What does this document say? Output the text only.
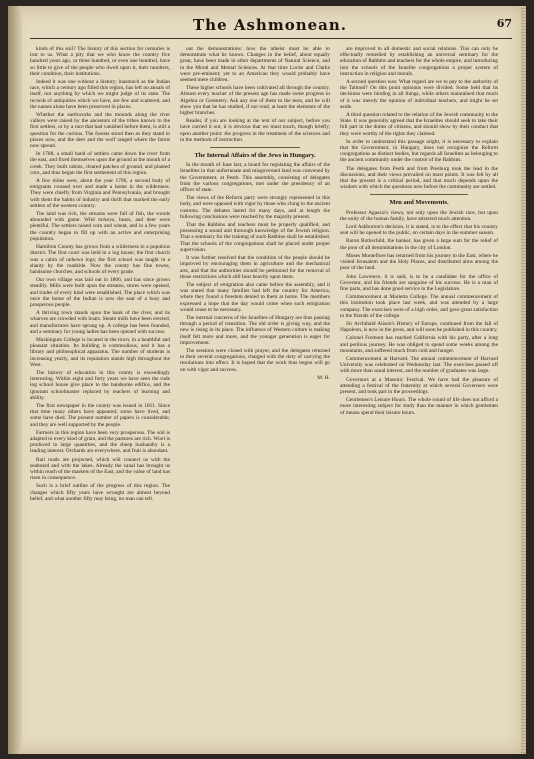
The Ashmonean.	67

kinds of this soil? The history of this section for centuries is lost to us. What a pity that we who know the country five hundred years ago, or three hundred, or even one hundred, have so little to give of the people who dwelt upon it, their numbers, their condition, their institutions.

Indeed it was one without a history; inasmuch as the Indian race, which a century ago filled this region, has left no annals of itself, nor anything by which we might judge of its state. The records of antiquities which we have, are few and scattered, and the names alone have been preserved in places.

Whether the earthworks and the mounds along the river valleys were raised by the ancestors of the tribes known to the first settlers, or by a race that had vanished before them, is still a question for the curious. The forests stood then as they stand in places now, and the deer and the wolf ranged where the farms now spread.

In 1788, a small band of settlers came down the river from the east, and fixed themselves upon the ground at the mouth of a creek. They built cabins, cleared patches of ground, and planted corn, and thus began the first settlement of this region.

A few miles west, about the year 1796, a second body of emigrants crossed over and made a home in the wilderness. They were chiefly from Virginia and Pennsylvania, and brought with them the habits of industry and thrift that marked the early settlers of the western country.

The land was rich, the streams were full of fish, the woods abounded with game. Wild turkeys, bears, and deer were plentiful. The settlers raised corn and wheat, and in a few years the country began to fill up with an active and enterprising population.

Hamilton County has grown from a wilderness to a populous district. The first court was held in a log house; the first church was a cabin of unhewn logs; the first school was taught in a shanty by the roadside. Now the county has fine towns, handsome churches, and schools of every grade.

Our own village was laid out in 1806, and has since grown steadily. Mills were built upon the streams, stores were opened, and trades of every kind were established. The place which was once the home of the Indian is now the seat of a busy and prosperous people.

A thriving town stands upon the bank of the river, and its wharves are crowded with boats. Steam mills have been erected, and manufactures have sprung up. A college has been founded, and a seminary for young ladies has been opened with success.

Muskingum College is located in the town, in a healthful and pleasant situation. Its building is commodious, and it has a library and philosophical apparatus. The number of students is increasing yearly, and its reputation stands high throughout the West.

The history of education in this county is exceedingly interesting. Within eight and forty years we have seen the rude log school house give place to the handsome edifice, and the ignorant schoolmaster replaced by teachers of learning and ability.

The first newspaper in the county was issued in 1811. Since that time many others have appeared; some have lived, and some have died. The present number of papers is considerable, and they are well supported by the people.

Farmers in this region have been very prosperous. The soil is adapted to every kind of grain, and the pastures are rich. Wool is produced in large quantities, and the sheep husbandry is a leading interest. Orchards are everywhere, and fruit is abundant.

Rail roads are projected, which will connect us with the seaboard and with the lakes. Already the canal has brought us within reach of the markets of the East, and the value of land has risen in consequence.

Such is a brief outline of the progress of this region. The changes which fifty years have wrought are almost beyond belief, and what another fifty may bring, no man can tell.

out the demonstrations: how the atheist must be able to demonstrate what he knows. Changes in the belief, about equally great, have been made in other departments of Natural Science, and in the Moral and Mental Sciences. At that time Locke and Clarke were pre-eminent; yet to an American they would probably have seemed mere children.

These higher schools have been cultivated all through the country. Almost every teacher of the present age has made some progress in Algebra or Geometry. Ask any one of them to the tests, and he will show you that he has studied, if not read, at least the elements of the higher branches.

Reader, if you are looking at the text of our subject, before you have carried it out, it is obvious that we must touch, though briefly, upon another point: the progress in the treatment of the sciences and in the methods of instruction.

The Internal Affairs of the Jews in Hungary.

In the month of June last, a board for regulating the affairs of the Israelites in that unfortunate and misgoverned land was convened by the Government, at Pesth. This assembly, consisting of delegates from the various congregations, met under the presidency of an officer of state.

The views of the Reform party were strongly represented in this body, and were opposed with vigor by those who clung to the ancient customs. The debates lasted for many days, and at length the following conclusions were reached by the majority present.

That the Rabbins and teachers must be properly qualified, and possessing a sound and thorough knowledge of the Jewish religion. That a seminary for the training of such Rabbins shall be established. That the schools of the congregations shall be placed under proper supervision.

It was further resolved that the condition of the people should be improved by encouraging them in agriculture and the mechanical arts, and that the authorities should be petitioned for the removal of those restrictions which still bear heavily upon them.

The subject of emigration also came before the assembly, and it was stated that many families had left the country for America, where they found a freedom denied to them at home. The members expressed a hope that the day would come when such emigration would cease to be necessary.

The internal concerns of the Israelites of Hungary are thus passing through a period of transition. The old order is giving way, and the new is rising in its place. The influence of Western culture is making itself felt more and more, and the younger generation is eager for improvement.

The sessions were closed with prayer, and the delegates returned to their several congregations, charged with the duty of carrying the resolutions into effect. It is hoped that the work thus begun will go on with vigor and success.

M. H.

are improved to all domestic and social relations. This can only be effectually remedied by establishing an universal seminary for the education of Rabbins and teachers for the whole empire, and introducing into the schools of the Israelite congregations a proper system of instruction in religion and morals.

A second question was: What regard are we to pay to the authority of the Talmud? On this point opinions were divided. Some held that its decisions were binding in all things, while others maintained that much of it was merely the opinion of individual teachers, and might be set aside.

A third question related to the relation of the Jewish community to the State. It was generally agreed that the Israelites should seek to take their full part in the duties of citizens, and should show by their conduct that they were worthy of the rights they claimed.

In order to understand this passage aright, it is necessary to explain that the Government, in Hungary, does not recognize the Reform congregations as distinct bodies, but regards all Israelites as belonging to the ancient community under the control of the Rabbins.

The delegates from Pesth and from Presburg took the lead in the discussions, and their views prevailed on most points. It was felt by all that the present is a critical period, and that much depends upon the wisdom with which the questions now before the community are settled.

Men and Movements.

Professor Agassiz's views, not only upon the Jewish race, but upon the unity of the human family, have attracted much attention.

Lord Ashburton's decision, it is stated, is to the effect that his country seat will be opened to the public, on certain days in the summer season.

Baron Rothschild, the banker, has given a large sum for the relief of the poor of all denominations in the city of London.

Moses Montefiore has returned from his journey to the East, where he visited Jerusalem and the Holy Places, and distributed alms among the poor of the land.

John Lawrence, it is said, is to be a candidate for the office of Governor, and his friends are sanguine of his success. He is a man of fine parts, and has done good service in the Legislature.

Commencement at Marietta College. The annual commencement of this institution took place last week, and was attended by a large company. The exercises were of a high order, and gave great satisfaction to the friends of the college.

Sir Archibald Alison's History of Europe, continued from the fall of Napoleon, is now in the press, and will soon be published in this country.

Colonel Fremont has reached California with his party, after a long and perilous journey. He was obliged to spend some weeks among the mountains, and suffered much from cold and hunger.

Commencement at Harvard. The annual commencement of Harvard University was celebrated on Wednesday last. The exercises passed off with more than usual interest, and the number of graduates was large.

Governors at a Masonic Festival. We have had the pleasure of attending a festival of the fraternity at which several Governors were present, and took part in the proceedings.

Gentlemen's Leisure Hours. The whole round of life does not afford a more interesting subject for study than the manner in which gentlemen of means spend their leisure hours.
